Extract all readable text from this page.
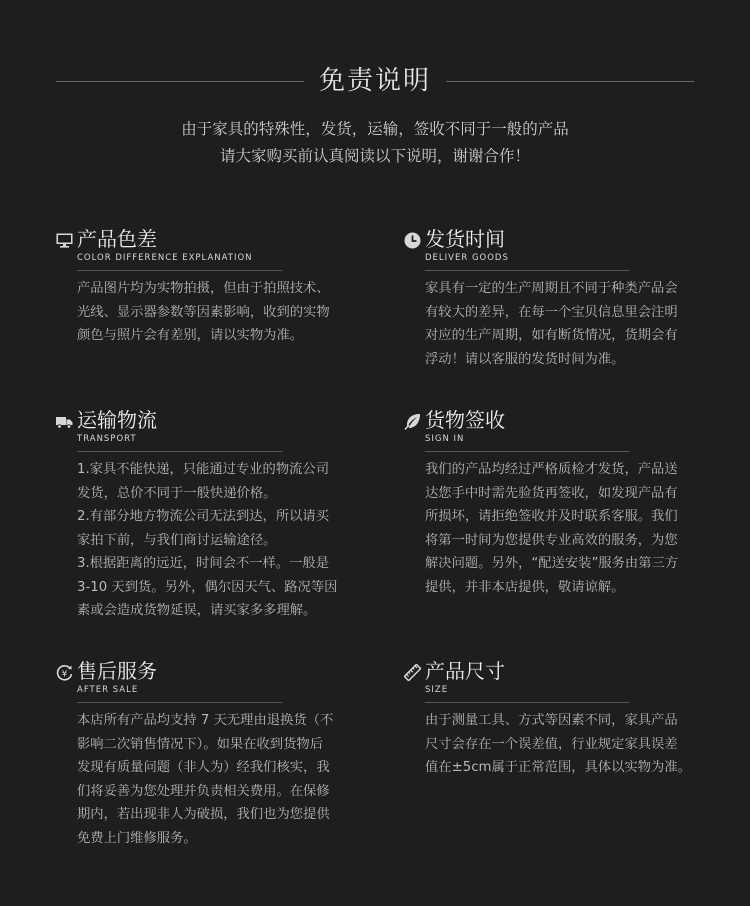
免责说明
由于家具的特殊性，发货，运输，签收不同于一般的产品
请大家购买前认真阅读以下说明，谢谢合作！
产品色差
COLOR DIFFERENCE EXPLANATION
产品图片均为实物拍摄，但由于拍照技术、
光线、显示器参数等因素影响，收到的实物
颜色与照片会有差别，请以实物为准。
发货时间
DELIVER GOODS
家具有一定的生产周期且不同于种类产品会
有较大的差异，在每一个宝贝信息里会注明
对应的生产周期，如有断货情况，货期会有
浮动！请以客服的发货时间为准。
运输物流
TRANSPORT
1.家具不能快递，只能通过专业的物流公司
发货，总价不同于一般快递价格。
2.有部分地方物流公司无法到达，所以请买
家拍下前，与我们商讨运输途径。
3.根据距离的远近，时间会不一样。一般是
3-10 天到货。另外，偶尔因天气、路况等因
素或会造成货物延误，请买家多多理解。
货物签收
SIGN IN
我们的产品均经过严格质检才发货，产品送
达您手中时需先验货再签收，如发现产品有
所损坏，请拒绝签收并及时联系客服。我们
将第一时间为您提供专业高效的服务，为您
解决问题。另外，“配送安装”服务由第三方
提供，并非本店提供，敬请谅解。
¥ 售后服务
AFTER SALE
本店所有产品均支持 7 天无理由退换货（不
影响二次销售情况下）。如果在收到货物后
发现有质量问题（非人为）经我们核实，我
们将妥善为您处理并负责相关费用。在保修
期内，若出现非人为破损，我们也为您提供
免费上门维修服务。
产品尺寸
SIZE
由于测量工具、方式等因素不同，家具产品
尺寸会存在一个误差值，行业规定家具误差
值在±5cm属于正常范围，具体以实物为准。
